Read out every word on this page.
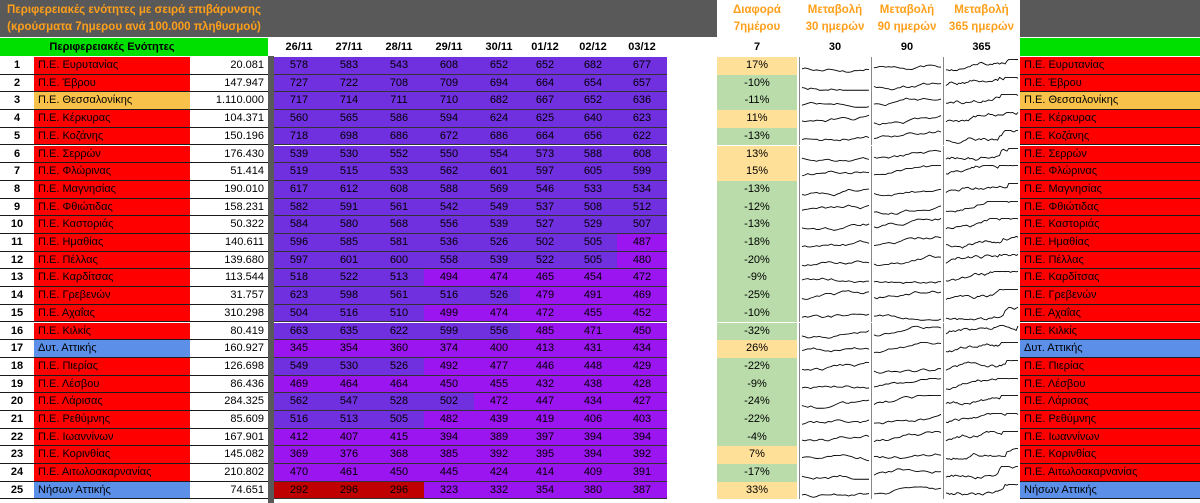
Περιφερειακές ενότητες με σειρά επιβάρυνσης
(κρούσματα 7ημερου ανά 100.000 πληθυσμού)
Διαφορά
7ημέρου
Μεταβολή
30 ημερών
Μεταβολή
90 ημερών
Μεταβολή
365 ημερών
Περιφερειακές Ενότητες	26/11	27/11	28/11	29/11	30/11	01/12	02/12	03/12	7	30	90	365
1	Π.Ε. Ευρυτανίας	20.081	578	583	543	608	652	652	682	677	17%	Π.Ε. Ευρυτανίας
2	Π.Ε. Έβρου	147.947	727	722	708	709	694	664	654	657	-10%	Π.Ε. Έβρου
3	Π.Ε. Θεσσαλονίκης	1.110.000	717	714	711	710	682	667	652	636	-11%	Π.Ε. Θεσσαλονίκης
4	Π.Ε. Κέρκυρας	104.371	560	565	586	594	624	625	640	623	11%	Π.Ε. Κέρκυρας
5	Π.Ε. Κοζάνης	150.196	718	698	686	672	686	664	656	622	-13%	Π.Ε. Κοζάνης
6	Π.Ε. Σερρών	176.430	539	530	552	550	554	573	588	608	13%	Π.Ε. Σερρών
7	Π.Ε. Φλώρινας	51.414	519	515	533	562	601	597	605	599	15%	Π.Ε. Φλώρινας
8	Π.Ε. Μαγνησίας	190.010	617	612	608	588	569	546	533	534	-13%	Π.Ε. Μαγνησίας
9	Π.Ε. Φθιώτιδας	158.231	582	591	561	542	549	537	508	512	-12%	Π.Ε. Φθιώτιδας
10	Π.Ε. Καστοριάς	50.322	584	580	568	556	539	527	529	507	-13%	Π.Ε. Καστοριάς
11	Π.Ε. Ημαθίας	140.611	596	585	581	536	526	502	505	487	-18%	Π.Ε. Ημαθίας
12	Π.Ε. Πέλλας	139.680	597	601	600	558	539	522	505	480	-20%	Π.Ε. Πέλλας
13	Π.Ε. Καρδίτσας	113.544	518	522	513	494	474	465	454	472	-9%	Π.Ε. Καρδίτσας
14	Π.Ε. Γρεβενών	31.757	623	598	561	516	526	479	491	469	-25%	Π.Ε. Γρεβενών
15	Π.Ε. Αχαΐας	310.298	504	516	510	499	474	472	455	452	-10%	Π.Ε. Αχαΐας
16	Π.Ε. Κιλκίς	80.419	663	635	622	599	556	485	471	450	-32%	Π.Ε. Κιλκίς
17	Δυτ. Αττικής	160.927	345	354	360	374	400	413	431	434	26%	Δυτ. Αττικής
18	Π.Ε. Πιερίας	126.698	549	530	526	492	477	446	448	429	-22%	Π.Ε. Πιερίας
19	Π.Ε. Λέσβου	86.436	469	464	464	450	455	432	438	428	-9%	Π.Ε. Λέσβου
20	Π.Ε. Λάρισας	284.325	562	547	528	502	472	447	434	427	-24%	Π.Ε. Λάρισας
21	Π.Ε. Ρεθύμνης	85.609	516	513	505	482	439	419	406	403	-22%	Π.Ε. Ρεθύμνης
22	Π.Ε. Ιωαννίνων	167.901	412	407	415	394	389	397	394	394	-4%	Π.Ε. Ιωαννίνων
23	Π.Ε. Κορινθίας	145.082	369	376	368	385	392	395	394	392	7%	Π.Ε. Κορινθίας
24	Π.Ε. Αιτωλοακαρνανίας	210.802	470	461	450	445	424	414	409	391	-17%	Π.Ε. Αιτωλοακαρνανίας
25	Νήσων Αττικής	74.651	292	296	296	323	332	354	380	387	33%	Νήσων Αττικής
